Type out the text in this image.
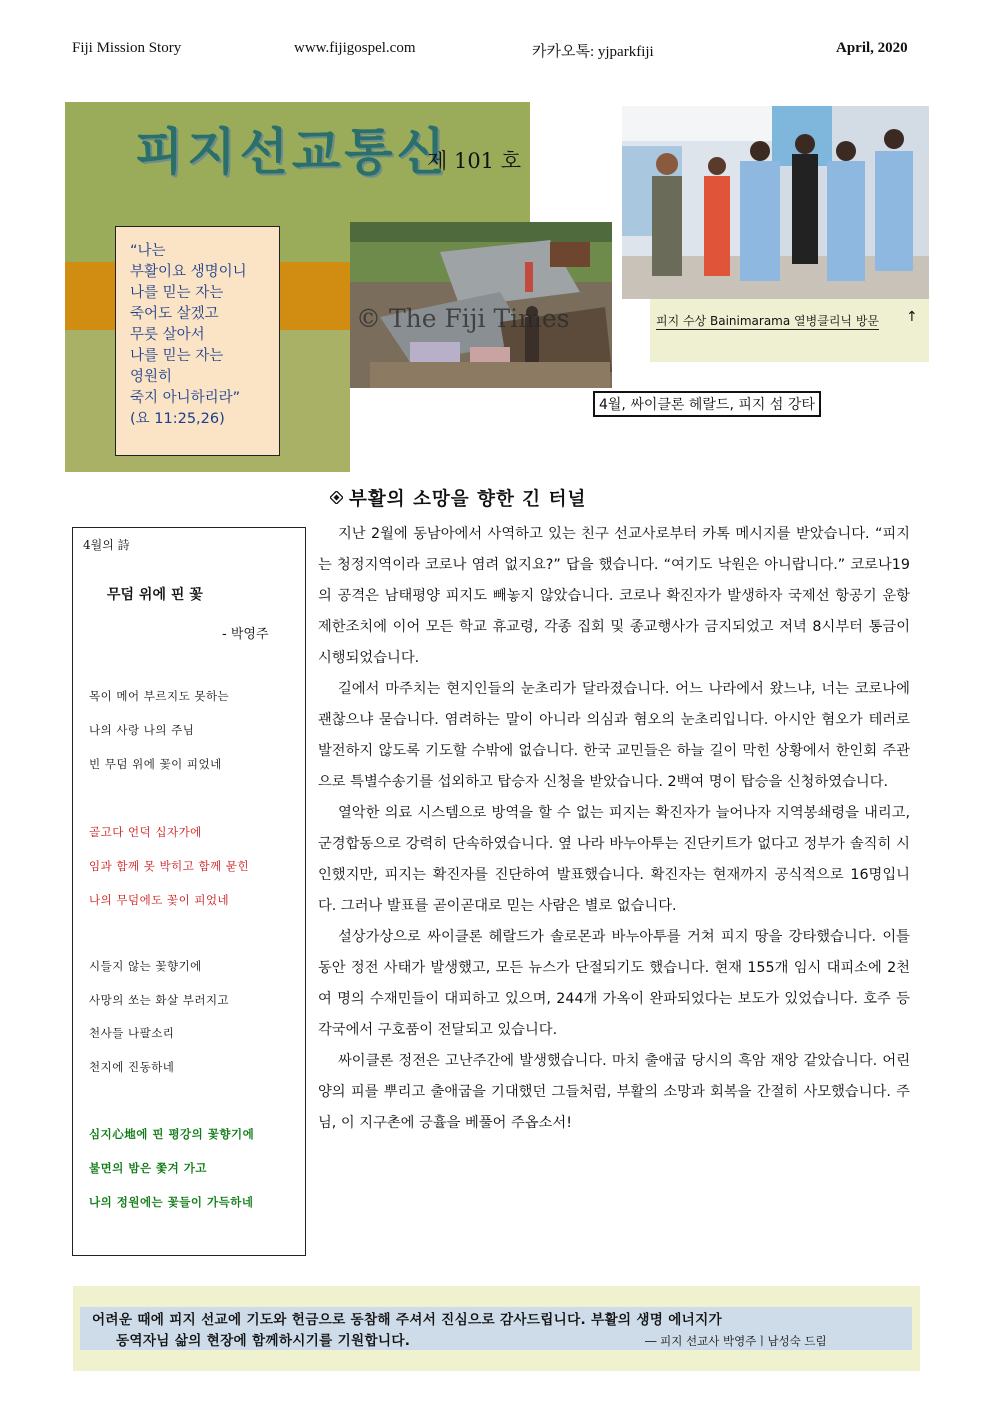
Fiji Mission Story	www.fijigospel.com	카카오톡: yjparkfiji	April, 2020
피지선교통신
제 101 호
“나는
부활이요 생명이니
나를 믿는 자는
죽어도 살겠고
무릇 살아서
나를 믿는 자는
영원히
죽지 아니하리라”
(요 11:25,26)
© The Fiji Times
4월, 싸이클론 헤랄드, 피지 섬 강타
피지 수상 Bainimarama 열병클리닉 방문 ↑
부활의 소망을 향한 긴 터널
4월의 詩
무덤 위에 핀 꽃
- 박영주
목이 메어 부르지도 못하는
나의 사랑 나의 주님
빈 무덤 위에 꽃이 피었네
골고다 언덕 십자가에
임과 함께 못 박히고 함께 묻힌
나의 무덤에도 꽃이 피었네
시들지 않는 꽃향기에
사망의 쏘는 화살 부러지고
천사들 나팔소리
천지에 진동하네
심지心地에 핀 평강의 꽃향기에
불면의 밤은 쫓겨 가고
나의 정원에는 꽃들이 가득하네

지난 2월에 동남아에서 사역하고 있는 친구 선교사로부터 카톡 메시지를 받았습니다. “피지는 청정지역이라 코로나 염려 없지요?” 답을 했습니다. “여기도 낙원은 아니랍니다.” 코로나19의 공격은 남태평양 피지도 빼놓지 않았습니다. 코로나 확진자가 발생하자 국제선 항공기 운항 제한조치에 이어 모든 학교 휴교령, 각종 집회 및 종교행사가 금지되었고 저녁 8시부터 통금이 시행되었습니다.

길에서 마주치는 현지인들의 눈초리가 달라졌습니다. 어느 나라에서 왔느냐, 너는 코로나에 괜찮으냐 묻습니다. 염려하는 말이 아니라 의심과 혐오의 눈초리입니다. 아시안 혐오가 테러로 발전하지 않도록 기도할 수밖에 없습니다. 한국 교민들은 하늘 길이 막힌 상황에서 한인회 주관으로 특별수송기를 섭외하고 탑승자 신청을 받았습니다. 2백여 명이 탑승을 신청하였습니다.

열악한 의료 시스템으로 방역을 할 수 없는 피지는 확진자가 늘어나자 지역봉쇄령을 내리고, 군경합동으로 강력히 단속하였습니다. 옆 나라 바누아투는 진단키트가 없다고 정부가 솔직히 시인했지만, 피지는 확진자를 진단하여 발표했습니다. 확진자는 현재까지 공식적으로 16명입니다. 그러나 발표를 곧이곧대로 믿는 사람은 별로 없습니다.

설상가상으로 싸이클론 헤랄드가 솔로몬과 바누아투를 거쳐 피지 땅을 강타했습니다. 이틀 동안 정전 사태가 발생했고, 모든 뉴스가 단절되기도 했습니다. 현재 155개 임시 대피소에 2천여 명의 수재민들이 대피하고 있으며, 244개 가옥이 완파되었다는 보도가 있었습니다. 호주 등 각국에서 구호품이 전달되고 있습니다.

싸이클론 정전은 고난주간에 발생했습니다. 마치 출애굽 당시의 흑암 재앙 같았습니다. 어린양의 피를 뿌리고 출애굽을 기대했던 그들처럼, 부활의 소망과 회복을 간절히 사모했습니다. 주님, 이 지구촌에 긍휼을 베풀어 주옵소서!

어려운 때에 피지 선교에 기도와 헌금으로 동참해 주셔서 진심으로 감사드립니다. 부활의 생명 에너지가
동역자님 삶의 현장에 함께하시기를 기원합니다.	― 피지 선교사 박영주ㅣ남성숙 드림
